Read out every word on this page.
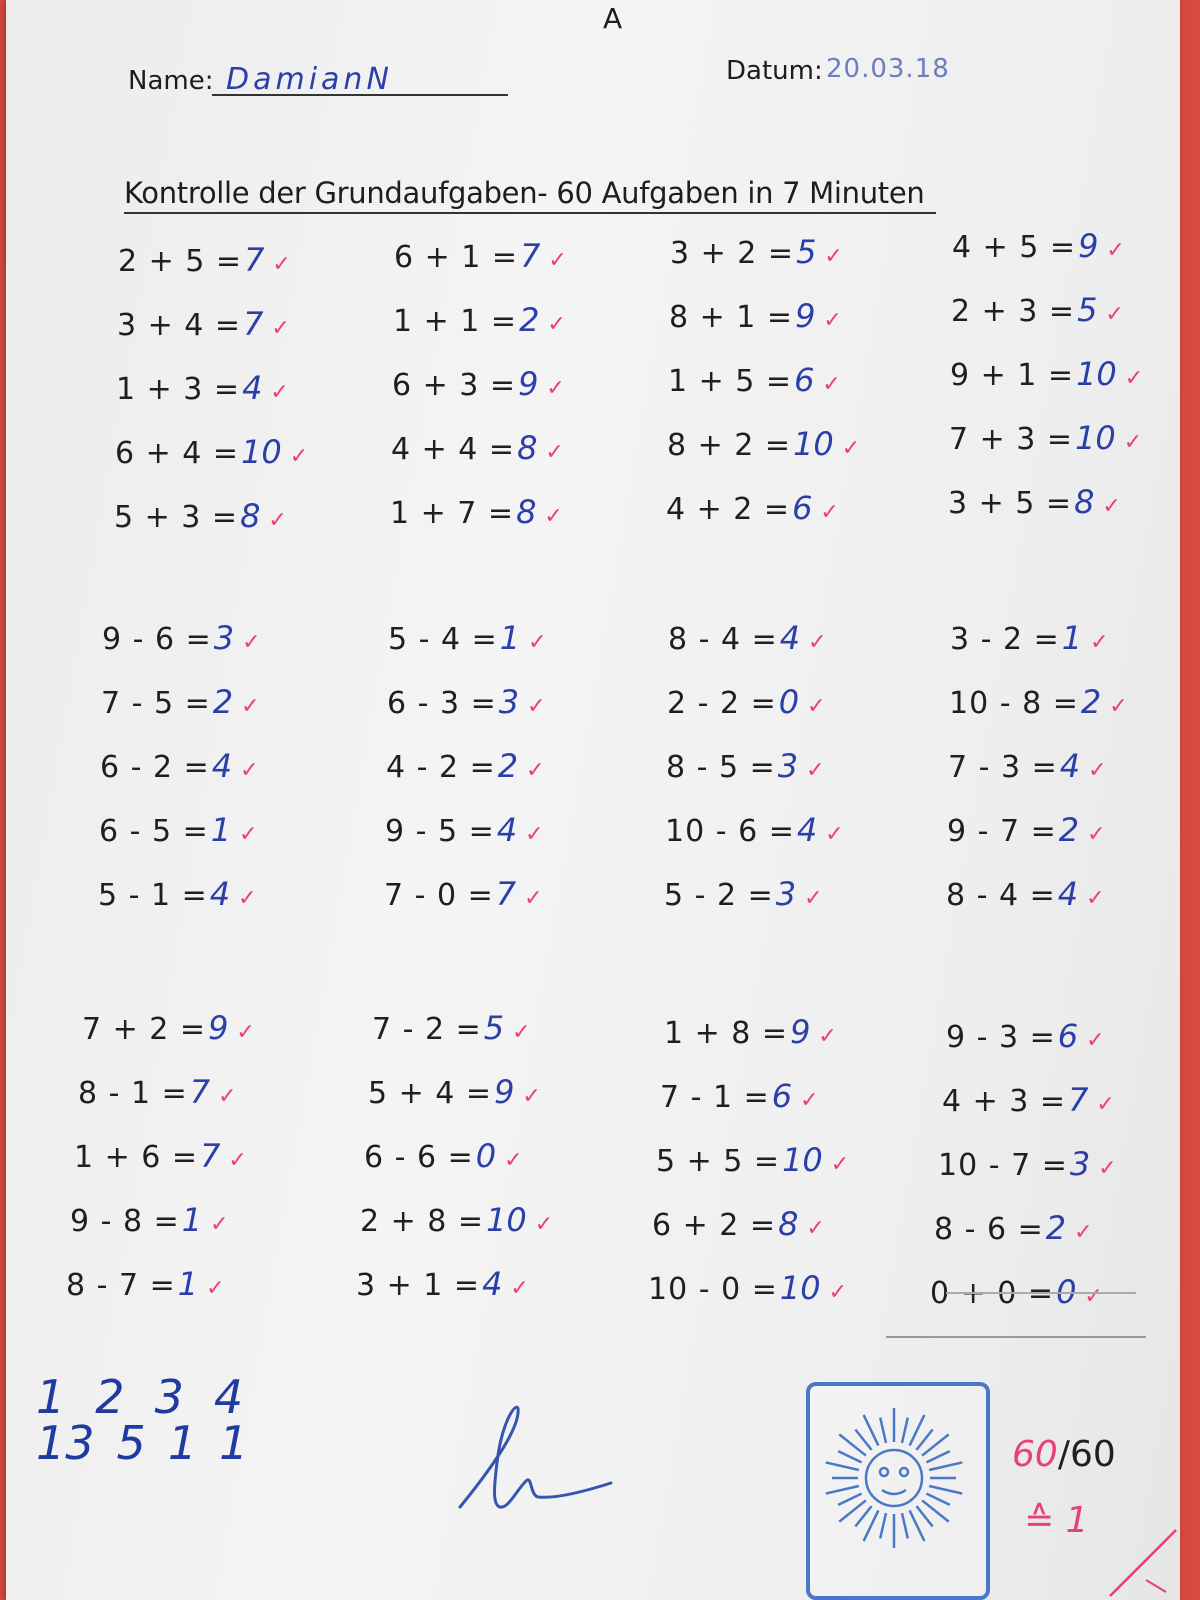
A
Name: DamianN	Datum: 20.03.18
Kontrolle der Grundaufgaben- 60 Aufgaben in 7 Minuten
2 + 5 =7 ✓
3 + 4 =7 ✓
1 + 3 =4 ✓
6 + 4 =10 ✓
5 + 3 =8 ✓
6 + 1 =7 ✓
1 + 1 =2 ✓
6 + 3 =9 ✓
4 + 4 =8 ✓
1 + 7 =8 ✓
3 + 2 =5 ✓
8 + 1 =9 ✓
1 + 5 =6 ✓
8 + 2 =10 ✓
4 + 2 =6 ✓
4 + 5 =9 ✓
2 + 3 =5 ✓
9 + 1 =10 ✓
7 + 3 =10 ✓
3 + 5 =8 ✓
9 - 6 =3 ✓
7 - 5 =2 ✓
6 - 2 =4 ✓
6 - 5 =1 ✓
5 - 1 =4 ✓
5 - 4 =1 ✓
6 - 3 =3 ✓
4 - 2 =2 ✓
9 - 5 =4 ✓
7 - 0 =7 ✓
8 - 4 =4 ✓
2 - 2 =0 ✓
8 - 5 =3 ✓
10 - 6 =4 ✓
5 - 2 =3 ✓
3 - 2 =1 ✓
10 - 8 =2 ✓
7 - 3 =4 ✓
9 - 7 =2 ✓
8 - 4 =4 ✓
7 + 2 =9 ✓
8 - 1 =7 ✓
1 + 6 =7 ✓
9 - 8 =1 ✓
8 - 7 =1 ✓
7 - 2 =5 ✓
5 + 4 =9 ✓
6 - 6 =0 ✓
2 + 8 =10 ✓
3 + 1 =4 ✓
1 + 8 =9 ✓
7 - 1 =6 ✓
5 + 5 =10 ✓
6 + 2 =8 ✓
10 - 0 =10 ✓
9 - 3 =6 ✓
4 + 3 =7 ✓
10 - 7 =3 ✓
8 - 6 =2 ✓
0 + 0 =0 ✓
1 2 3 4
13 5 1 1	60/60
≙ 1
